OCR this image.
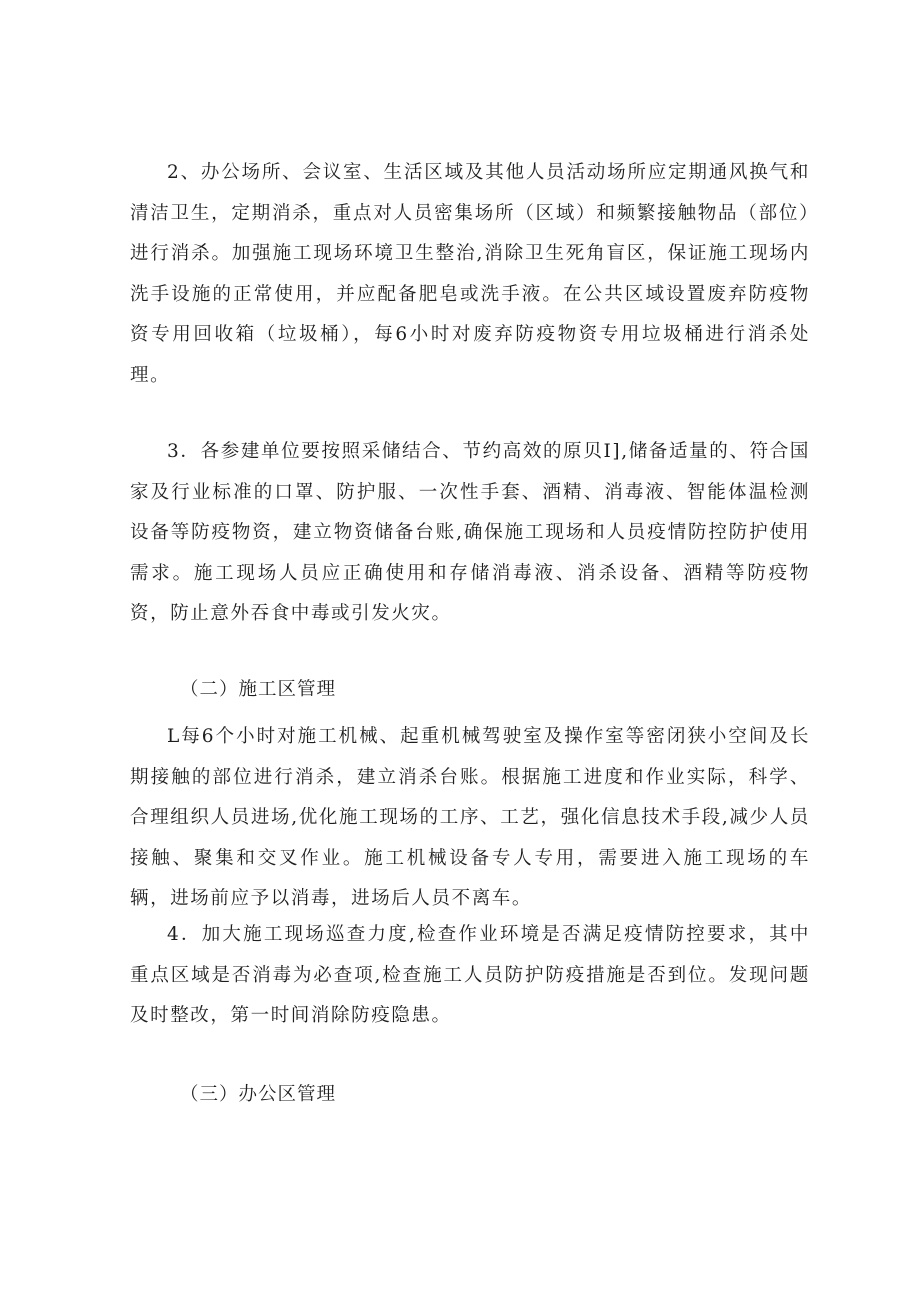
2、办公场所、会议室、生活区域及其他人员活动场所应定期通风换气和清洁卫生，定期消杀，重点对人员密集场所（区域）和频繁接触物品（部位）进行消杀。加强施工现场环境卫生整治,消除卫生死角盲区，保证施工现场内洗手设施的正常使用，并应配备肥皂或洗手液。在公共区域设置废弃防疫物资专用回收箱（垃圾桶），每6小时对废弃防疫物资专用垃圾桶进行消杀处理。

3．各参建单位要按照采储结合、节约高效的原贝I],储备适量的、符合国家及行业标准的口罩、防护服、一次性手套、酒精、消毒液、智能体温检测设备等防疫物资，建立物资储备台账,确保施工现场和人员疫情防控防护使用需求。施工现场人员应正确使用和存储消毒液、消杀设备、酒精等防疫物资，防止意外吞食中毒或引发火灾。

（二）施工区管理

L每6个小时对施工机械、起重机械驾驶室及操作室等密闭狭小空间及长期接触的部位进行消杀，建立消杀台账。根据施工进度和作业实际，科学、合理组织人员进场,优化施工现场的工序、工艺，强化信息技术手段,减少人员接触、聚集和交叉作业。施工机械设备专人专用，需要进入施工现场的车辆，进场前应予以消毒，进场后人员不离车。

4．加大施工现场巡查力度,检查作业环境是否满足疫情防控要求，其中重点区域是否消毒为必查项,检查施工人员防护防疫措施是否到位。发现问题及时整改，第一时间消除防疫隐患。

（三）办公区管理
